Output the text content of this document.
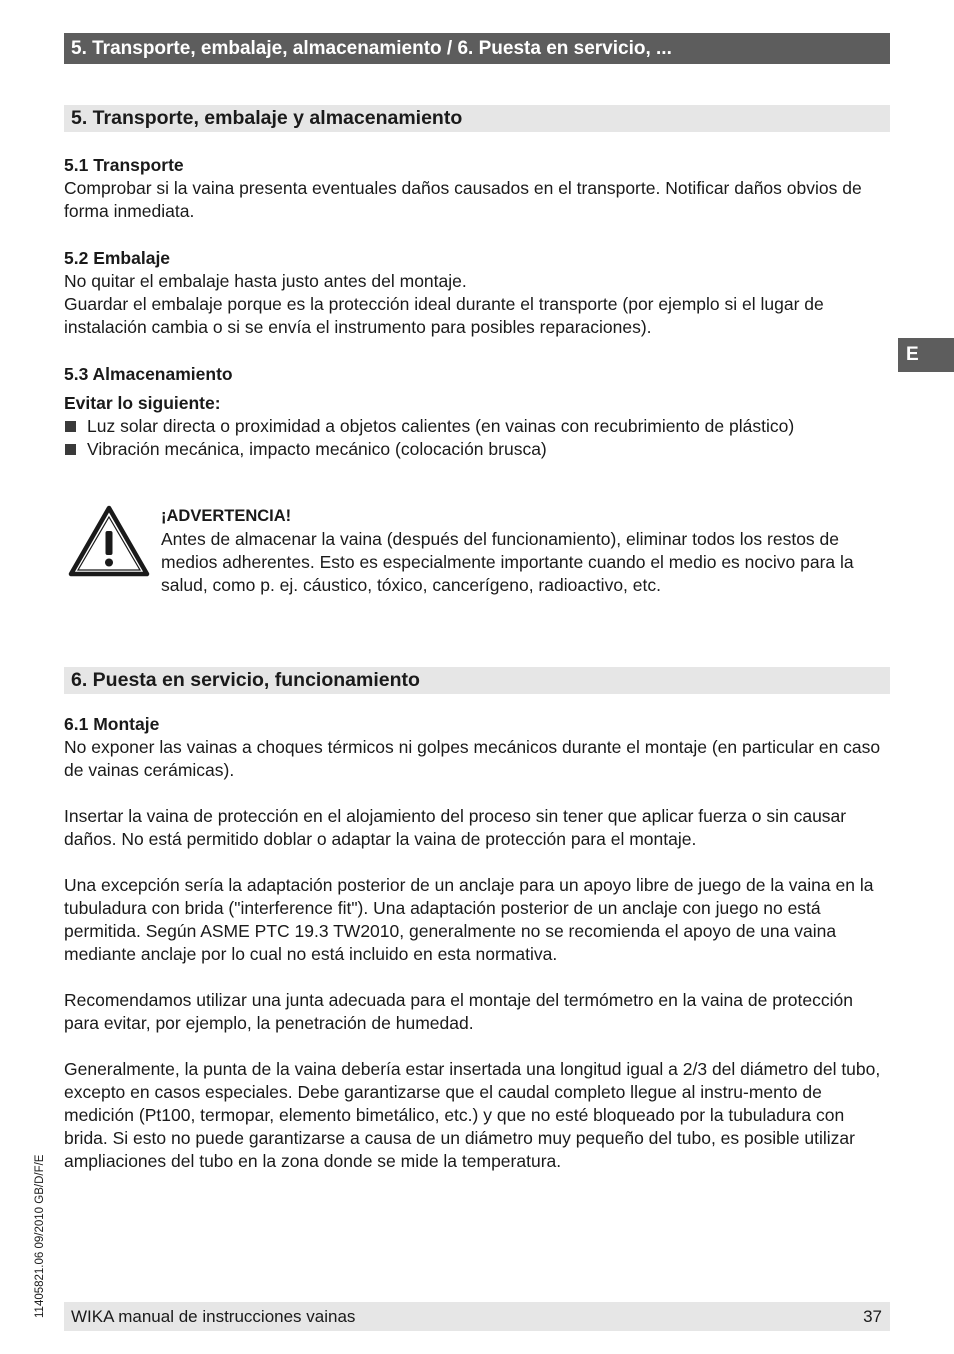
5. Transporte, embalaje, almacenamiento / 6. Puesta en servicio, ...
E
5. Transporte, embalaje y almacenamiento
5.1 Transporte

Comprobar si la vaina presenta eventuales daños causados en el transporte. Notificar daños obvios de forma inmediata.

5.2 Embalaje

No quitar el embalaje hasta justo antes del montaje.

Guardar el embalaje porque es la protección ideal durante el transporte (por ejemplo si el lugar de instalación cambia o si se envía el instrumento para posibles reparaciones).

5.3 Almacenamiento
Evitar lo siguiente:
Luz solar directa o proximidad a objetos calientes (en vainas con recubrimiento de plástico)
Vibración mecánica, impacto mecánico (colocación brusca)
¡ADVERTENCIA!

Antes de almacenar la vaina (después del funcionamiento), eliminar todos los restos de medios adherentes. Esto es especialmente importante cuando el medio es nocivo para la salud, como p. ej. cáustico, tóxico, cancerígeno, radioactivo, etc.

6. Puesta en servicio, funcionamiento
6.1 Montaje

No exponer las vainas a choques térmicos ni golpes mecánicos durante el montaje (en particular en caso de vainas cerámicas).

Insertar la vaina de protección en el alojamiento del proceso sin tener que aplicar fuerza o sin causar daños. No está permitido doblar o adaptar la vaina de protección para el montaje.

Una excepción sería la adaptación posterior de un anclaje para un apoyo libre de juego de la vaina en la tubuladura con brida ("interference fit"). Una adaptación posterior de un anclaje con juego no está permitida. Según ASME PTC 19.3 TW2010, generalmente no se recomienda el apoyo de una vaina mediante anclaje por lo cual no está incluido en esta normativa.

Recomendamos utilizar una junta adecuada para el montaje del termómetro en la vaina de protección para evitar, por ejemplo, la penetración de humedad.

Generalmente, la punta de la vaina debería estar insertada una longitud igual a 2/3 del diámetro del tubo, excepto en casos especiales. Debe garantizarse que el caudal completo llegue al instru-mento de medición (Pt100, termopar, elemento bimetálico, etc.) y que no esté bloqueado por la tubuladura con brida. Si esto no puede garantizarse a causa de un diámetro muy pequeño del tubo, es posible utilizar ampliaciones del tubo en la zona donde se mide la temperatura.

11405821.06 09/2010 GB/D/F/E	WIKA manual de instrucciones vainas	37
